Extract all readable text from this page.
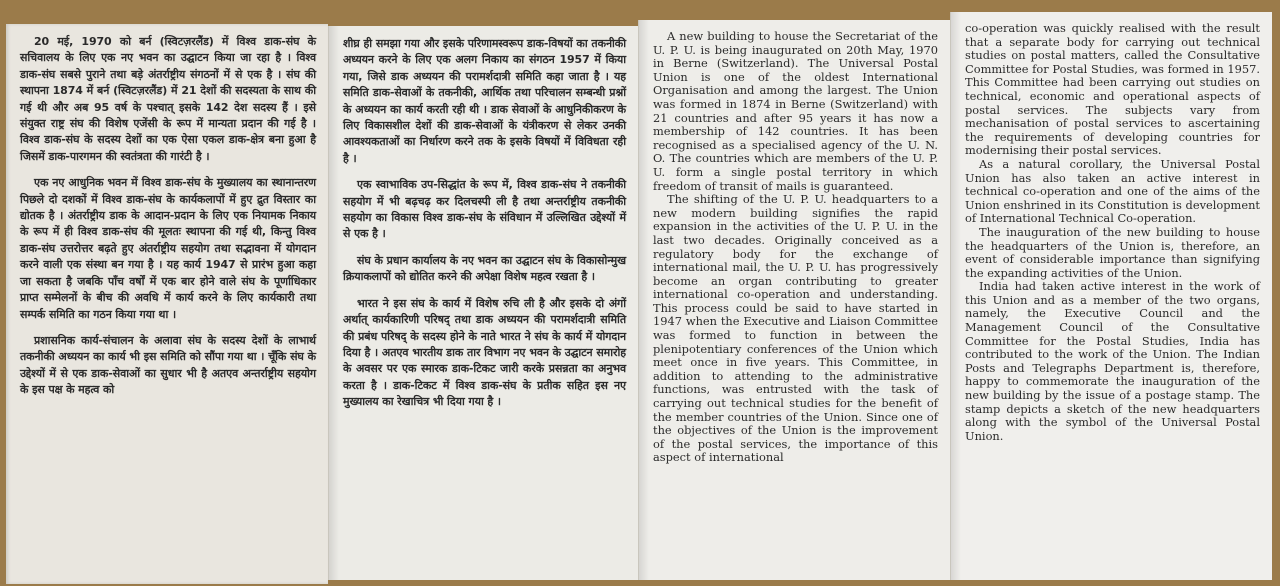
20 मई, 1970 को बर्न (स्विटज़रलैंड) में विश्व डाक-संघ के सचिवालय के लिए एक नए भवन का उद्घाटन किया जा रहा है । विश्व डाक-संघ सबसे पुराने तथा बड़े अंतर्राष्ट्रीय संगठनों में से एक है । संघ की स्थापना 1874 में बर्न (स्विटज़रलैंड) में 21 देशों की सदस्यता के साथ की गई थी और अब 95 वर्ष के पश्चात् इसके 142 देश सदस्य हैं । इसे संयुक्त राष्ट्र संघ की विशेष एजेंसी के रूप में मान्यता प्रदान की गई है । विश्व डाक-संघ के सदस्य देशों का एक ऐसा एकल डाक-क्षेत्र बना हुआ है जिसमें डाक-पारगमन की स्वतंत्रता की गारंटी है ।

एक नए आधुनिक भवन में विश्व डाक-संघ के मुख्यालय का स्थानान्तरण पिछले दो दशकों में विश्व डाक-संघ के कार्यकलापों में हुए द्रुत विस्तार का द्योतक है । अंतर्राष्ट्रीय डाक के आदान-प्रदान के लिए एक नियामक निकाय के रूप में ही विश्व डाक-संघ की मूलतः स्थापना की गई थी, किन्तु विश्व डाक-संघ उत्तरोत्तर बढ़ते हुए अंतर्राष्ट्रीय सहयोग तथा सद्भावना में योगदान करने वाली एक संस्था बन गया है । यह कार्य 1947 से प्रारंभ हुआ कहा जा सकता है जबकि पाँच वर्षों में एक बार होने वाले संघ के पूर्णाधिकार प्राप्त सम्मेलनों के बीच की अवधि में कार्य करने के लिए कार्यकारी तथा सम्पर्क समिति का गठन किया गया था ।

प्रशासनिक कार्य-संचालन के अलावा संघ के सदस्य देशों के लाभार्थ तकनीकी अध्ययन का कार्य भी इस समिति को सौंपा गया था । चूँकि संघ के उद्देश्यों में से एक डाक-सेवाओं का सुधार भी है अतएव अन्तर्राष्ट्रीय सहयोग के इस पक्ष के महत्व को

शीघ्र ही समझा गया और इसके परिणामस्वरूप डाक-विषयों का तकनीकी अध्ययन करने के लिए एक अलग निकाय का संगठन 1957 में किया गया, जिसे डाक अध्ययन की परामर्शदात्री समिति कहा जाता है । यह समिति डाक-सेवाओं के तकनीकी, आर्थिक तथा परिचालन सम्बन्धी प्रश्नों के अध्ययन का कार्य करती रही थी । डाक सेवाओं के आधुनिकीकरण के लिए विकासशील देशों की डाक-सेवाओं के यंत्रीकरण से लेकर उनकी आवश्यकताओं का निर्धारण करने तक के इसके विषयों में विविधता रही है ।

एक स्वाभाविक उप-सिद्धांत के रूप में, विश्व डाक-संघ ने तकनीकी सहयोग में भी बढ़चढ़ कर दिलचस्पी ली है तथा अन्तर्राष्ट्रीय तकनीकी सहयोग का विकास विश्व डाक-संघ के संविधान में उल्लिखित उद्देश्यों में से एक है ।

संघ के प्रधान कार्यालय के नए भवन का उद्घाटन संघ के विकासोन्मुख क्रियाकलापों को द्योतित करने की अपेक्षा विशेष महत्व रखता है ।

भारत ने इस संघ के कार्य में विशेष रुचि ली है और इसके दो अंगों अर्थात् कार्यकारिणी परिषद् तथा डाक अध्ययन की परामर्शदात्री समिति की प्रबंध परिषद् के सदस्य होने के नाते भारत ने संघ के कार्य में योगदान दिया है । अतएव भारतीय डाक तार विभाग नए भवन के उद्घाटन समारोह के अवसर पर एक स्मारक डाक-टिकट जारी करके प्रसन्नता का अनुभव करता है । डाक-टिकट में विश्व डाक-संघ के प्रतीक सहित इस नए मुख्यालय का रेखाचित्र भी दिया गया है ।

A new building to house the Secretariat of the U. P. U. is being inaugurated on 20th May, 1970 in Berne (Switzerland). The Universal Postal Union is one of the oldest International Organisation and among the largest. The Union was formed in 1874 in Berne (Switzerland) with 21 countries and after 95 years it has now a membership of 142 countries. It has been recognised as a specialised agency of the U. N. O. The countries which are members of the U. P. U. form a single postal territory in which freedom of transit of mails is guaranteed.

The shifting of the U. P. U. headquarters to a new modern building signifies the rapid expansion in the activities of the U. P. U. in the last two decades. Originally conceived as a regulatory body for the exchange of international mail, the U. P. U. has progressively become an organ contributing to greater international co-operation and understanding. This process could be said to have started in 1947 when the Executive and Liaison Committee was formed to function in between the plenipotentiary conferences of the Union which meet once in five years. This Committee, in addition to attending to the administrative functions, was entrusted with the task of carrying out technical studies for the benefit of the member countries of the Union. Since one of the objectives of the Union is the improvement of the postal services, the importance of this aspect of international

co-operation was quickly realised with the result that a separate body for carrying out technical studies on postal matters, called the Consultative Committee for Postal Studies, was formed in 1957. This Committee had been carrying out studies on technical, economic and operational aspects of postal services. The subjects vary from mechanisation of postal services to ascertaining the requirements of developing countries for modernising their postal services.

As a natural corollary, the Universal Postal Union has also taken an active interest in technical co-operation and one of the aims of the Union enshrined in its Constitution is development of International Technical Co-operation.

The inauguration of the new building to house the headquarters of the Union is, therefore, an event of considerable importance than signifying the expanding activities of the Union.

India had taken active interest in the work of this Union and as a member of the two organs, namely, the Executive Council and the Management Council of the Consultative Committee for the Postal Studies, India has contributed to the work of the Union. The Indian Posts and Telegraphs Department is, therefore, happy to commemorate the inauguration of the new building by the issue of a postage stamp. The stamp depicts a sketch of the new headquarters along with the symbol of the Universal Postal Union.
